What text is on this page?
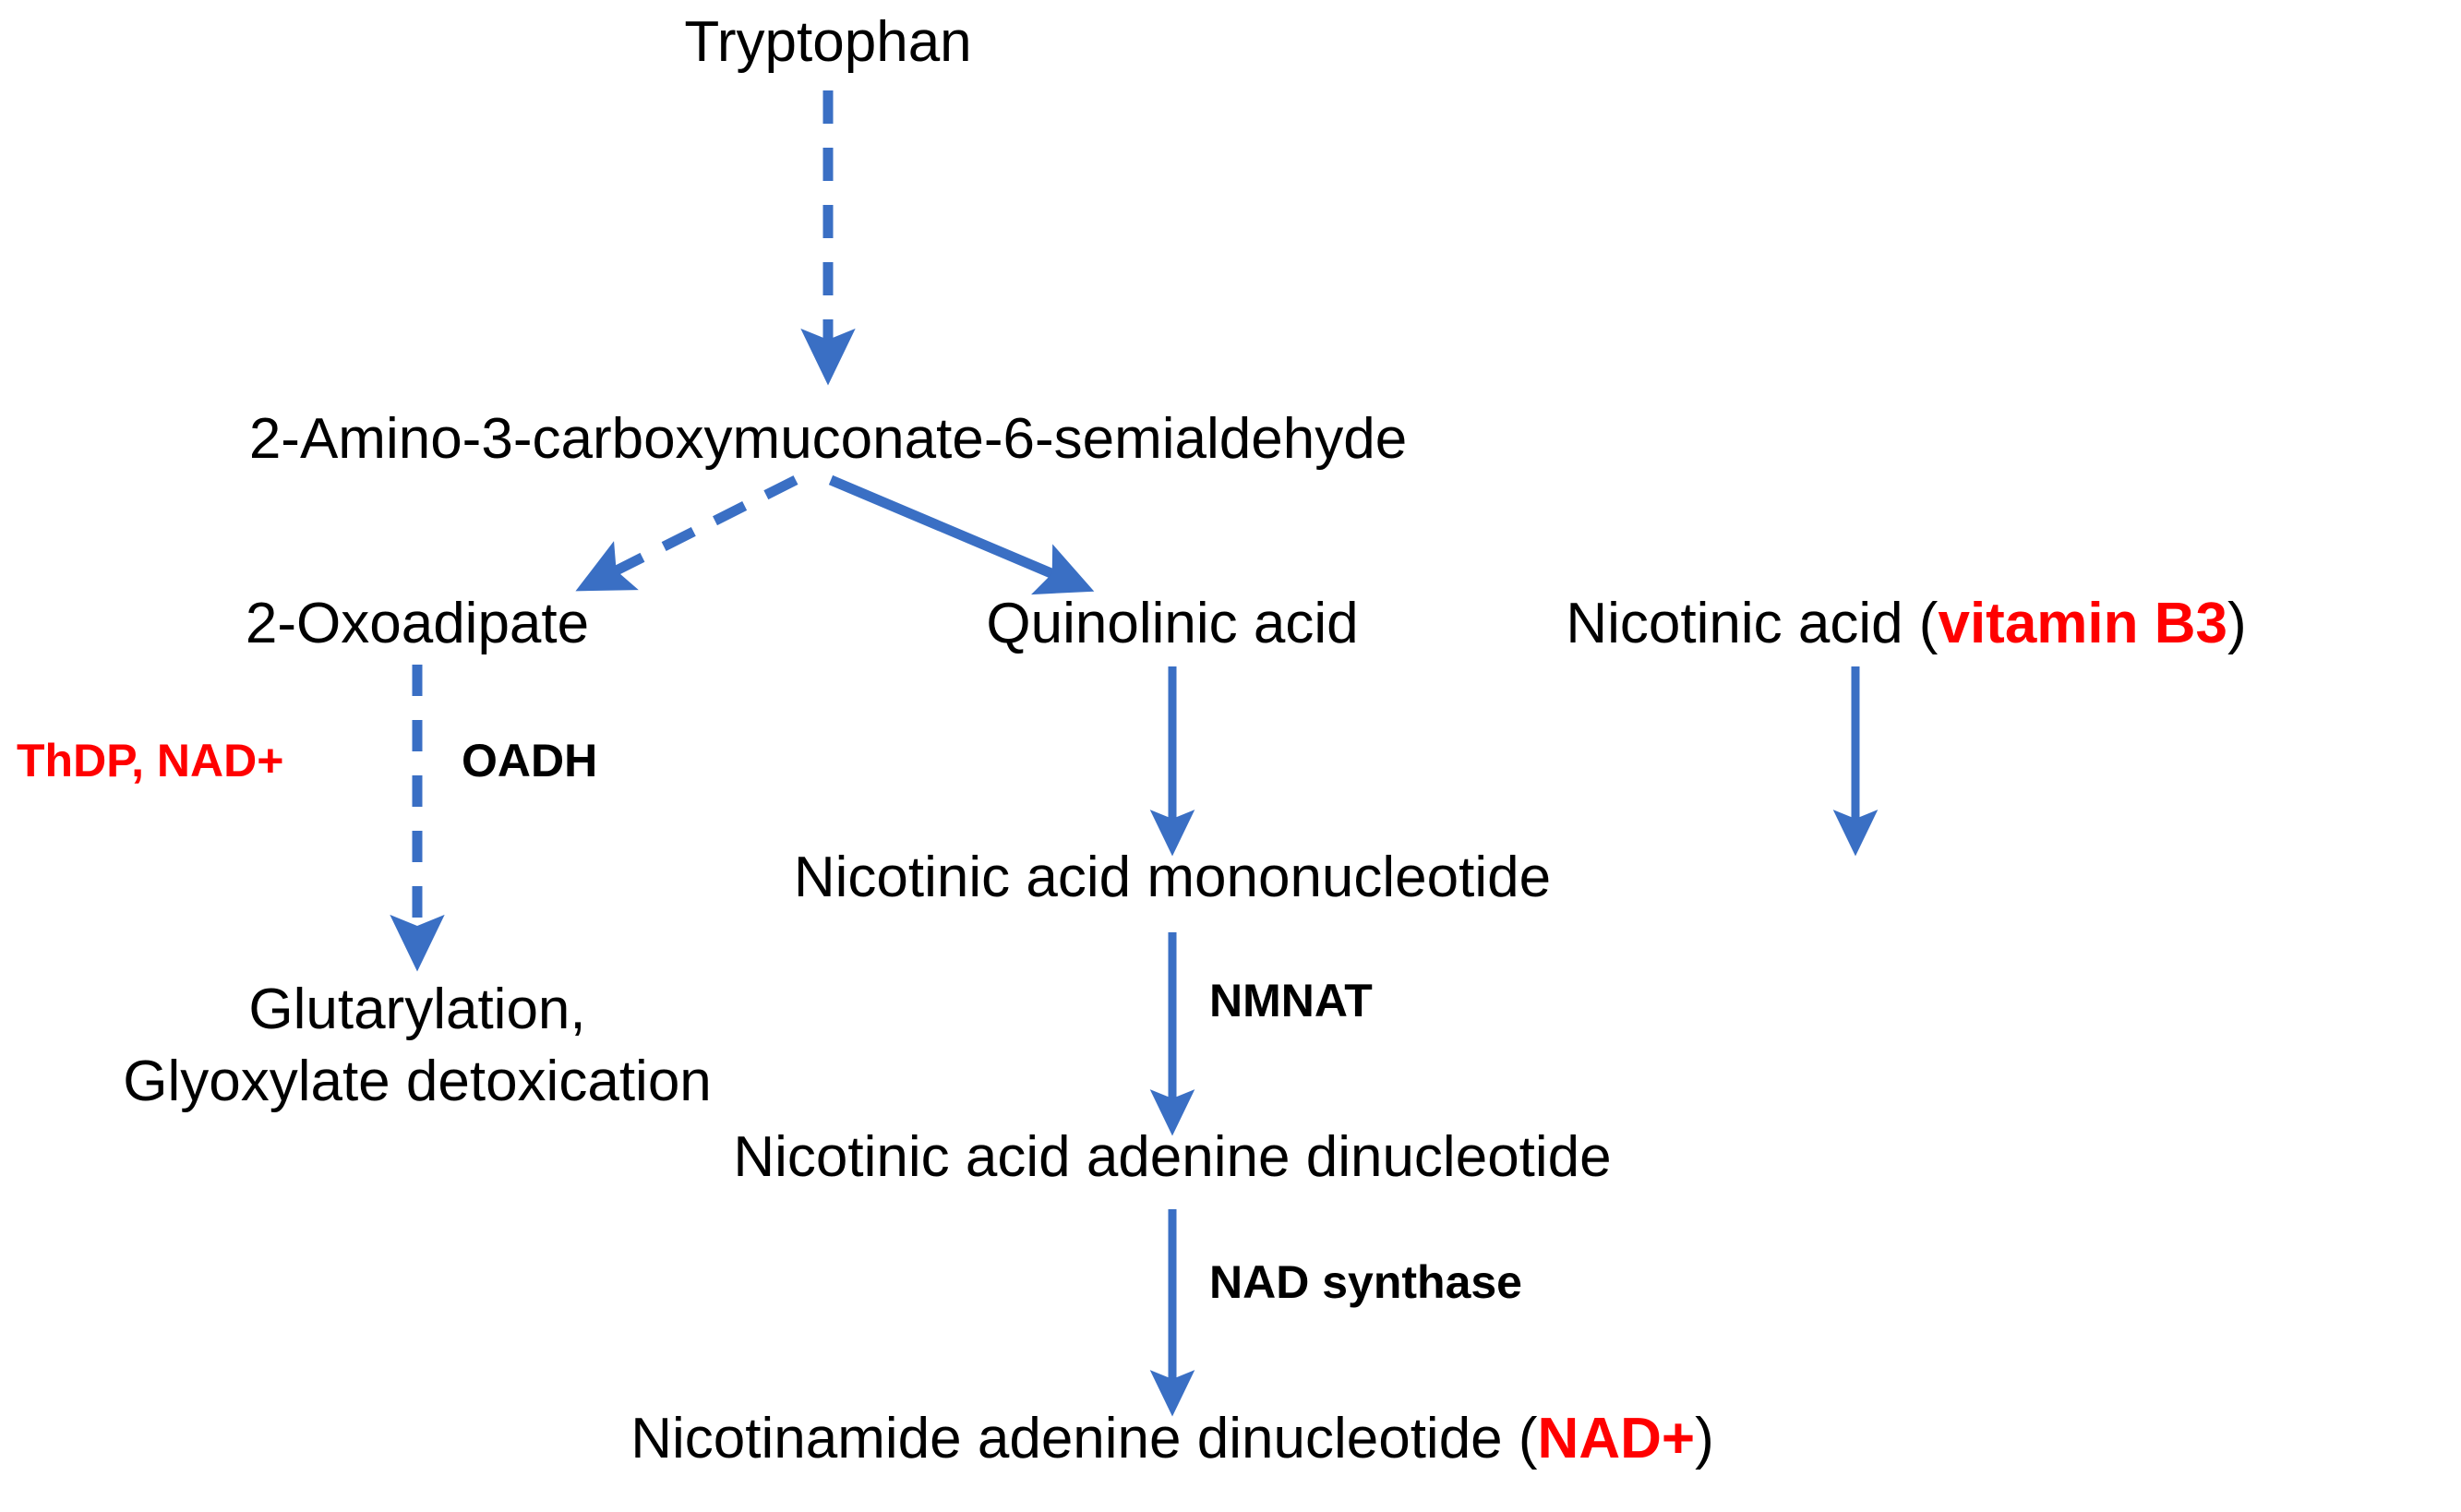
Tryptophan
2-Amino-3-carboxymuconate-6-semialdehyde
2-Oxoadipate	Quinolinic acid	Nicotinic acid (vitamin B3)
ThDP, NAD+	OADH
Glutarylation,
Glyoxylate detoxication
Nicotinic acid mononucleotide
NMNAT
Nicotinic acid adenine dinucleotide
NAD synthase
Nicotinamide adenine dinucleotide (NAD+)
